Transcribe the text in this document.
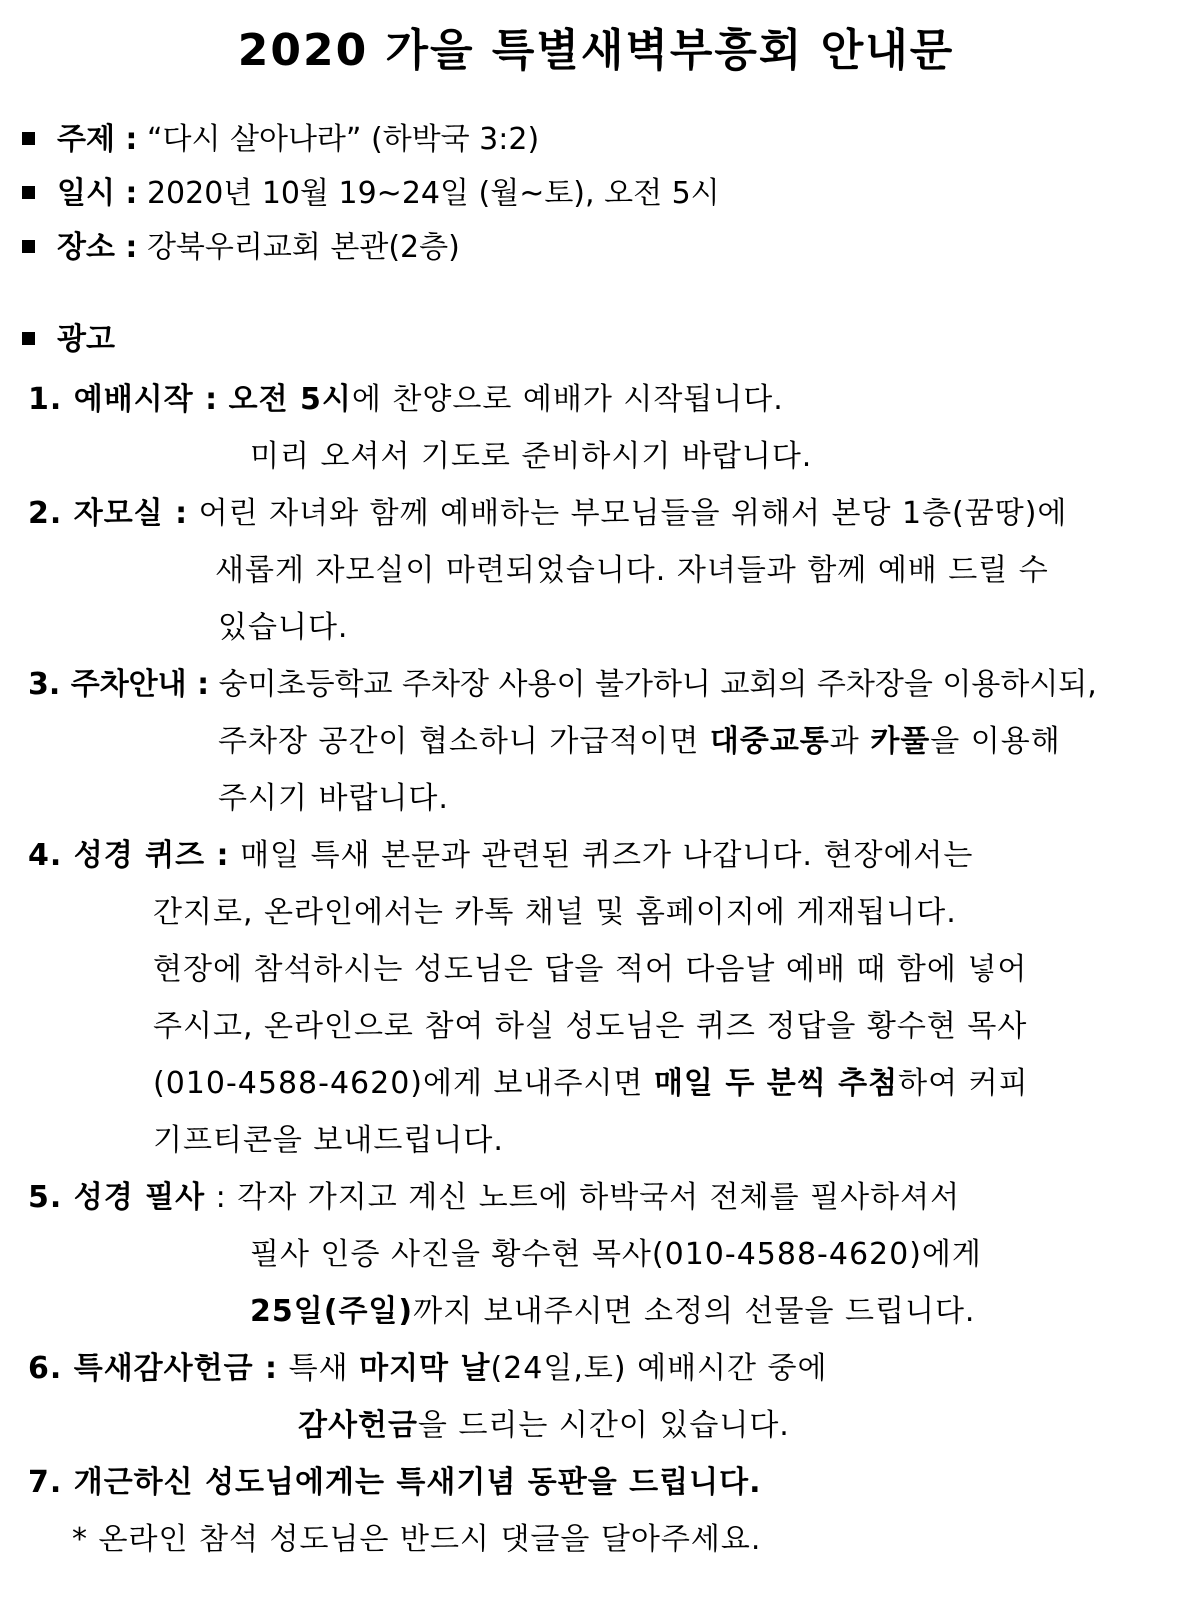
2020 가을 특별새벽부흥회 안내문
주제 : “다시 살아나라” (하박국 3:2)
일시 : 2020년 10월 19~24일 (월~토), 오전 5시
장소 : 강북우리교회 본관(2층)
광고
1. 예배시작 : 오전 5시에 찬양으로 예배가 시작됩니다.
미리 오셔서 기도로 준비하시기 바랍니다.
2. 자모실 : 어린 자녀와 함께 예배하는 부모님들을 위해서 본당 1층(꿈땅)에
새롭게 자모실이 마련되었습니다. 자녀들과 함께 예배 드릴 수
있습니다.
3. 주차안내 : 숭미초등학교 주차장 사용이 불가하니 교회의 주차장을 이용하시되,
주차장 공간이 협소하니 가급적이면 대중교통과 카풀을 이용해
주시기 바랍니다.
4. 성경 퀴즈 : 매일 특새 본문과 관련된 퀴즈가 나갑니다. 현장에서는
간지로, 온라인에서는 카톡 채널 및 홈페이지에 게재됩니다.
현장에 참석하시는 성도님은 답을 적어 다음날 예배 때 함에 넣어
주시고, 온라인으로 참여 하실 성도님은 퀴즈 정답을 황수현 목사
(010-4588-4620)에게 보내주시면 매일 두 분씩 추첨하여 커피
기프티콘을 보내드립니다.
5. 성경 필사 : 각자 가지고 계신 노트에 하박국서 전체를 필사하셔서
필사 인증 사진을 황수현 목사(010-4588-4620)에게
25일(주일)까지 보내주시면 소정의 선물을 드립니다.
6. 특새감사헌금 : 특새 마지막 날(24일,토) 예배시간 중에
감사헌금을 드리는 시간이 있습니다.
7. 개근하신 성도님에게는 특새기념 동판을 드립니다.
* 온라인 참석 성도님은 반드시 댓글을 달아주세요.
